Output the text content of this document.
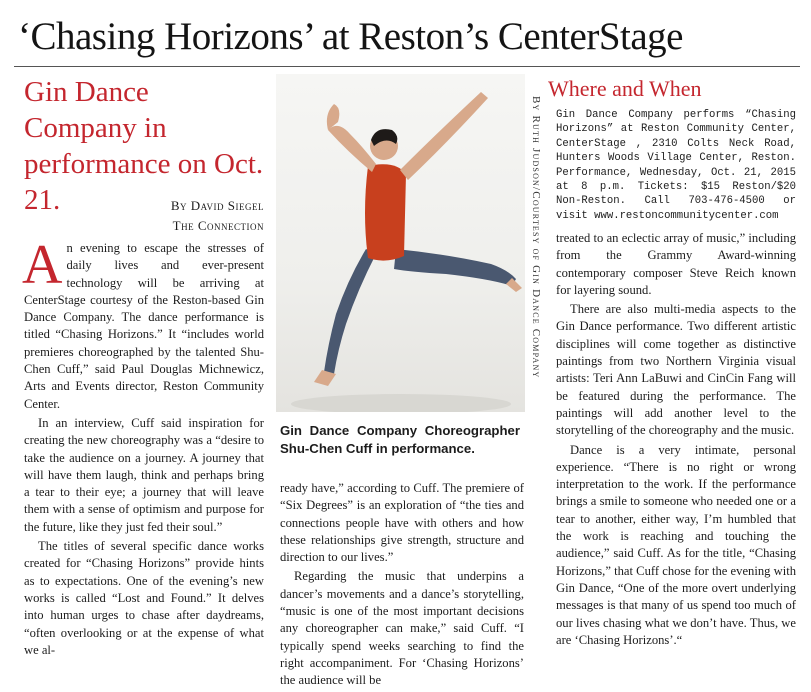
‘Chasing Horizons’ at Reston’s CenterStage
Gin Dance Company in performance on Oct. 21.	By David Siegel
The Connection

An evening to escape the stresses of daily lives and ever-present technology will be arriving at CenterStage courtesy of the Reston-based Gin Dance Company. The dance performance is titled “Chasing Horizons.” It “includes world premieres choreographed by the talented Shu-Chen Cuff,” said Paul Douglas Michnewicz, Arts and Events director, Reston Community Center.

In an interview, Cuff said inspiration for creating the new choreography was a “desire to take the audience on a journey. A journey that will have them laugh, think and perhaps bring a tear to their eye; a journey that will leave them with a sense of optimism and purpose for the future, like they just fed their soul.”

The titles of several specific dance works created for “Chasing Horizons” provide hints as to expectations. One of the evening’s new works is called “Lost and Found.” It delves into human urges to chase after daydreams, “often overlooking or at the expense of what we al-

Gin Dance Company Choreographer Shu-Chen Cuff in performance.
By Ruth Judson/Courtesy of Gin Dance Company

ready have,” according to Cuff. The premiere of “Six Degrees” is an exploration of “the ties and connections people have with others and how these relationships give strength, structure and direction to our lives.”

Regarding the music that underpins a dancer’s movements and a dance’s storytelling, “music is one of the most important decisions any choreographer can make,” said Cuff. “I typically spend weeks searching to find the right accompaniment. For ‘Chasing Horizons’ the audience will be

Where and When
Gin Dance Company performs “Chasing Horizons” at Reston Community Center, CenterStage , 2310 Colts Neck Road, Hunters Woods Village Center, Reston. Performance, Wednesday, Oct. 21, 2015 at 8 p.m. Tickets: $15 Reston/$20 Non-Reston. Call 703-476-4500 or visit www.restoncommunitycenter.com

treated to an eclectic array of music,” including from the Grammy Award-winning contemporary composer Steve Reich known for layering sound.

There are also multi-media aspects to the Gin Dance performance. Two different artistic disciplines will come together as distinctive paintings from two Northern Virginia visual artists: Teri Ann LaBuwi and CinCin Fang will be featured during the performance. The paintings will add another level to the storytelling of the choreography and the music.

Dance is a very intimate, personal experience. “There is no right or wrong interpretation to the work. If the performance brings a smile to someone who needed one or a tear to another, either way, I’m humbled that the work is reaching and touching the audience,” said Cuff. As for the title, “Chasing Horizons,” that Cuff chose for the evening with Gin Dance, “One of the more overt underlying messages is that many of us spend too much of our lives chasing what we don’t have. Thus, we are ‘Chasing Horizons’.“
